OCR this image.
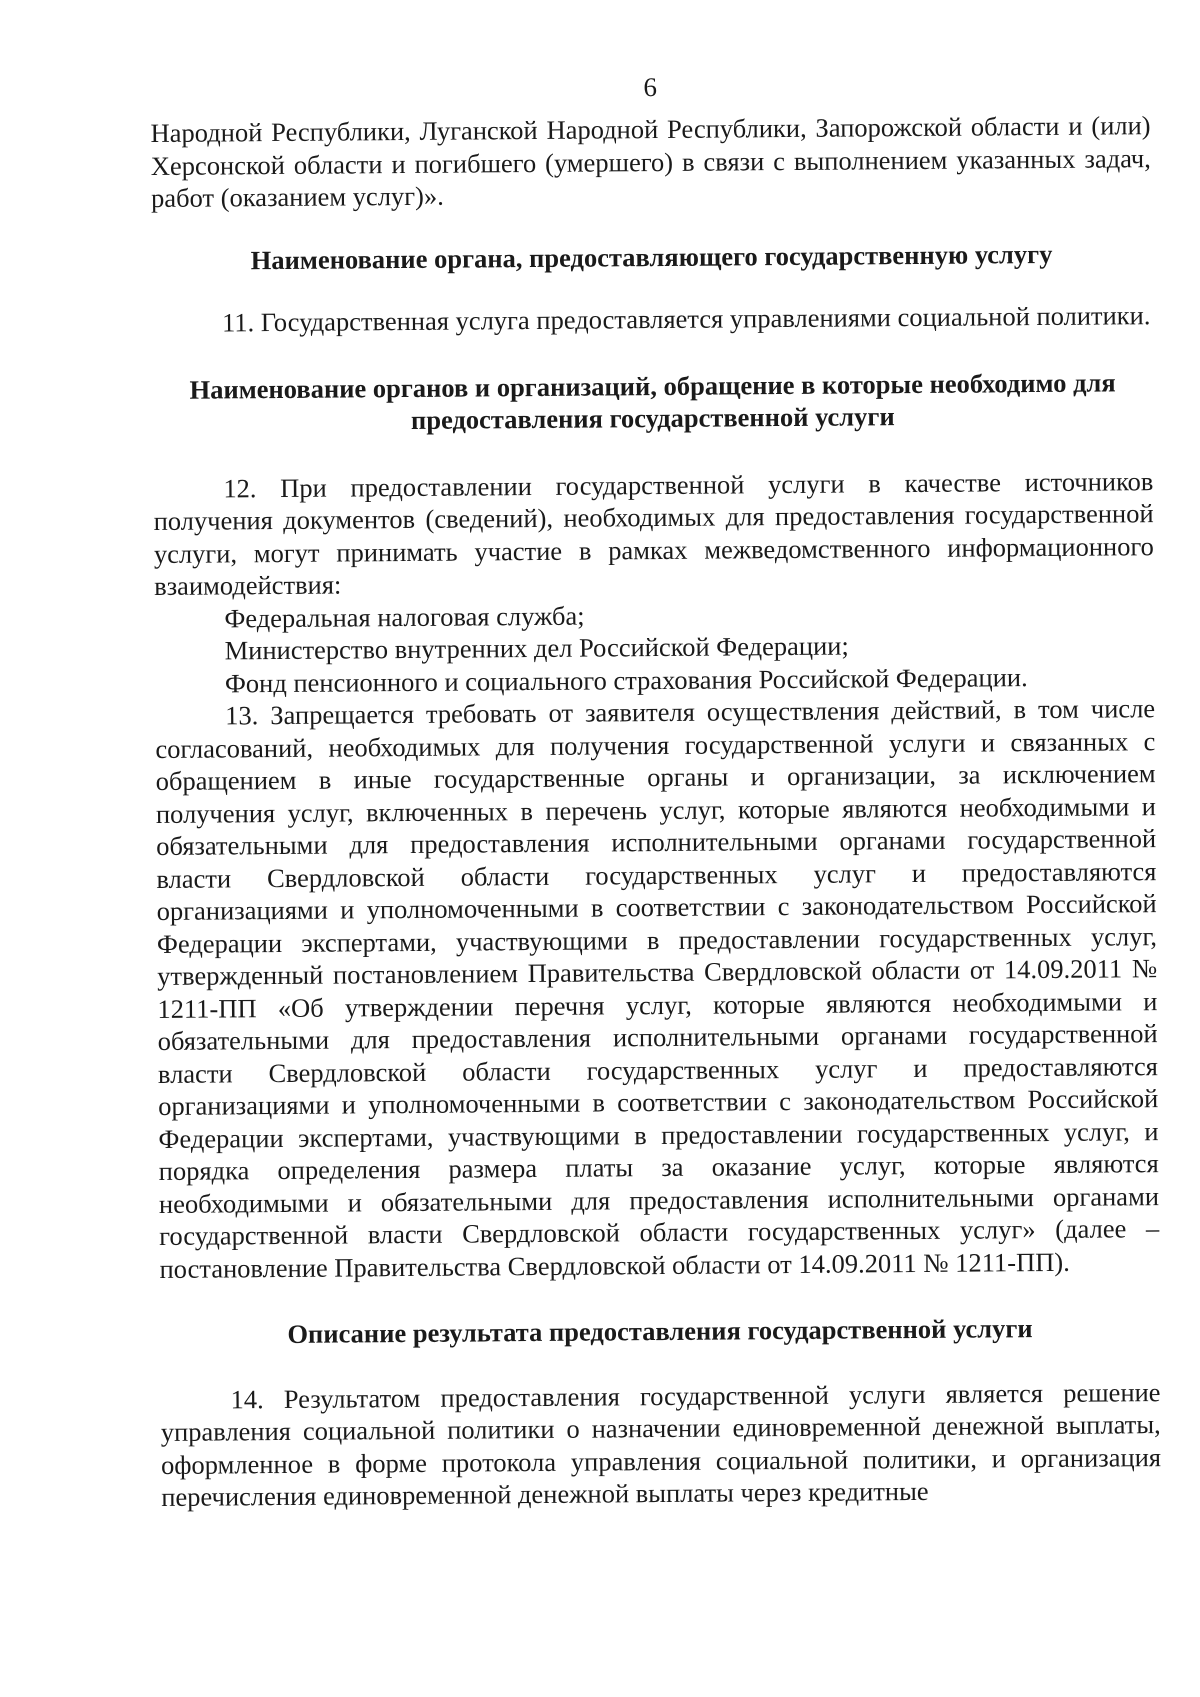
6

Народной Республики, Луганской Народной Республики, Запорожской области и (или) Херсонской области и погибшего (умершего) в связи с выполнением указанных задач, работ (оказанием услуг)».

Наименование органа, предоставляющего государственную услугу

11. Государственная услуга предоставляется управлениями социальной политики.

Наименование органов и организаций, обращение в которые необходимо для предоставления государственной услуги

12. При предоставлении государственной услуги в качестве источников получения документов (сведений), необходимых для предоставления государственной услуги, могут принимать участие в рамках межведомственного информационного взаимодействия:

Федеральная налоговая служба;

Министерство внутренних дел Российской Федерации;

Фонд пенсионного и социального страхования Российской Федерации.

13. Запрещается требовать от заявителя осуществления действий, в том числе согласований, необходимых для получения государственной услуги и связанных с обращением в иные государственные органы и организации, за исключением получения услуг, включенных в перечень услуг, которые являются необходимыми и обязательными для предоставления исполнительными органами государственной власти Свердловской области государственных услуг и предоставляются организациями и уполномоченными в соответствии с законодательством Российской Федерации экспертами, участвующими в предоставлении государственных услуг, утвержденный постановлением Правительства Свердловской области от 14.09.2011 № 1211-ПП «Об утверждении перечня услуг, которые являются необходимыми и обязательными для предоставления исполнительными органами государственной власти Свердловской области государственных услуг и предоставляются организациями и уполномоченными в соответствии с законодательством Российской Федерации экспертами, участвующими в предоставлении государственных услуг, и порядка определения размера платы за оказание услуг, которые являются необходимыми и обязательными для предоставления исполнительными органами государственной власти Свердловской области государственных услуг» (далее – постановление Правительства Свердловской области от 14.09.2011 № 1211-ПП).

Описание результата предоставления государственной услуги

14. Результатом предоставления государственной услуги является решение управления социальной политики о назначении единовременной денежной выплаты, оформленное в форме протокола управления социальной политики, и организация перечисления единовременной денежной выплаты через кредитные
